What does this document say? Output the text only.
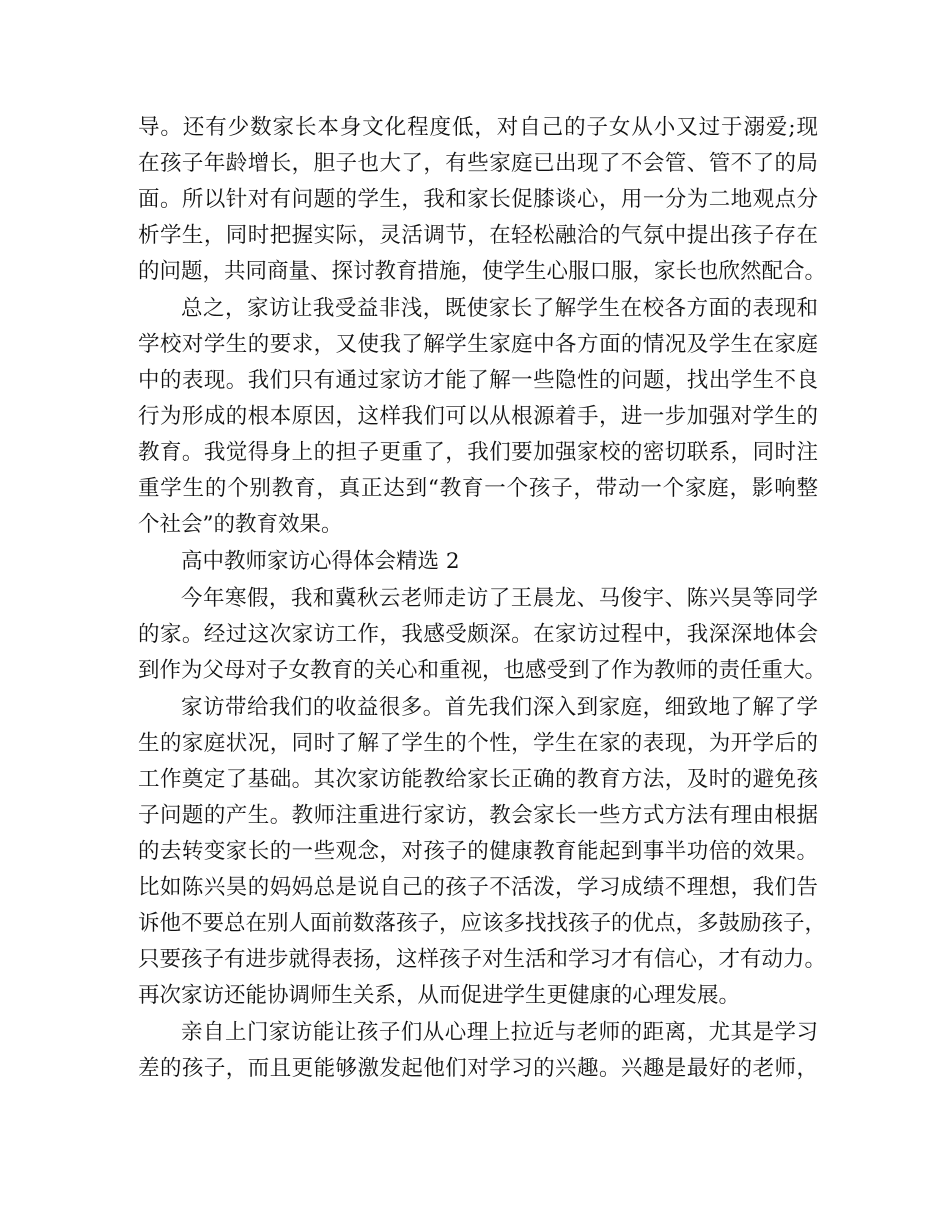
导。还有少数家长本身文化程度低，对自己的子女从小又过于溺爱;现
在孩子年龄增长，胆子也大了，有些家庭已出现了不会管、管不了的局
面。所以针对有问题的学生，我和家长促膝谈心，用一分为二地观点分
析学生，同时把握实际，灵活调节，在轻松融洽的气氛中提出孩子存在
的问题，共同商量、探讨教育措施，使学生心服口服，家长也欣然配合。
总之，家访让我受益非浅，既使家长了解学生在校各方面的表现和
学校对学生的要求，又使我了解学生家庭中各方面的情况及学生在家庭
中的表现。我们只有通过家访才能了解一些隐性的问题，找出学生不良
行为形成的根本原因，这样我们可以从根源着手，进一步加强对学生的
教育。我觉得身上的担子更重了，我们要加强家校的密切联系，同时注
重学生的个别教育，真正达到“教育一个孩子，带动一个家庭，影响整
个社会”的教育效果。
高中教师家访心得体会精选 2
今年寒假，我和冀秋云老师走访了王晨龙、马俊宇、陈兴昊等同学
的家。经过这次家访工作，我感受颇深。在家访过程中，我深深地体会
到作为父母对子女教育的关心和重视，也感受到了作为教师的责任重大。
家访带给我们的收益很多。首先我们深入到家庭，细致地了解了学
生的家庭状况，同时了解了学生的个性，学生在家的表现，为开学后的
工作奠定了基础。其次家访能教给家长正确的教育方法，及时的避免孩
子问题的产生。教师注重进行家访，教会家长一些方式方法有理由根据
的去转变家长的一些观念，对孩子的健康教育能起到事半功倍的效果。
比如陈兴昊的妈妈总是说自己的孩子不活泼，学习成绩不理想，我们告
诉他不要总在别人面前数落孩子，应该多找找孩子的优点，多鼓励孩子，
只要孩子有进步就得表扬，这样孩子对生活和学习才有信心，才有动力。
再次家访还能协调师生关系，从而促进学生更健康的心理发展。
亲自上门家访能让孩子们从心理上拉近与老师的距离，尤其是学习
差的孩子，而且更能够激发起他们对学习的兴趣。兴趣是最好的老师，
